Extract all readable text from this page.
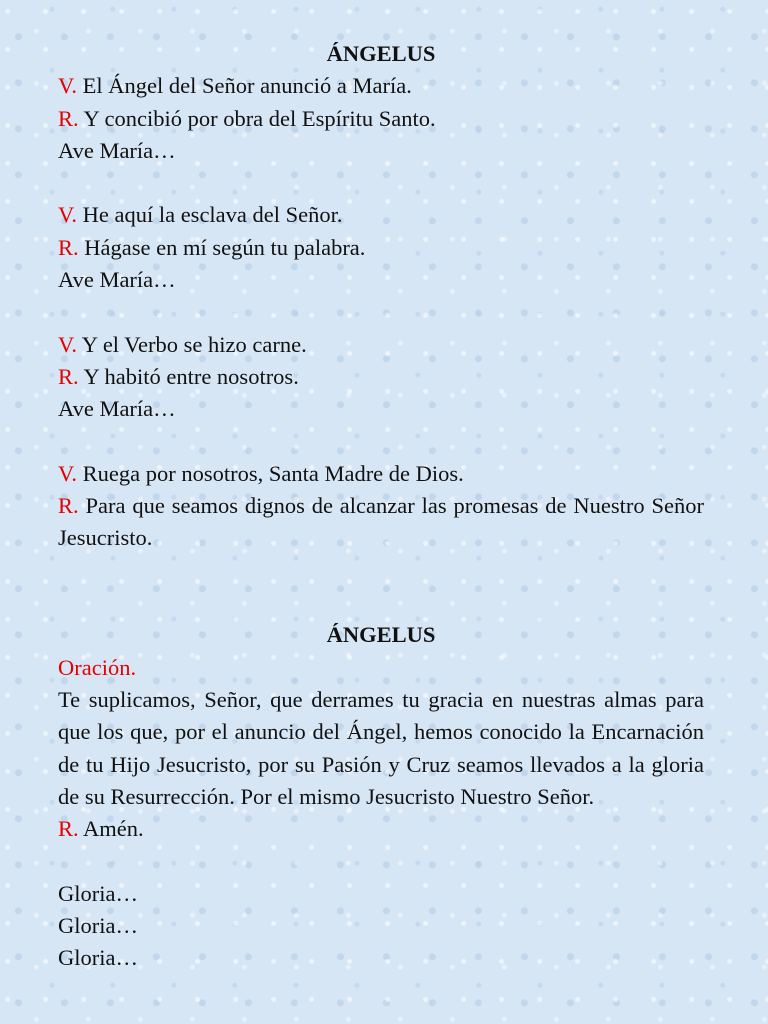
ÁNGELUS
V. El Ángel del Señor anunció a María.
R. Y concibió por obra del Espíritu Santo.
Ave María…
V. He aquí la esclava del Señor.
R. Hágase en mí según tu palabra.
Ave María…
V. Y el Verbo se hizo carne.
R. Y habitó entre nosotros.
Ave María…
V. Ruega por nosotros, Santa Madre de Dios.
R. Para que seamos dignos de alcanzar las promesas de Nuestro Señor Jesucristo.
ÁNGELUS
Oración.
Te suplicamos, Señor, que derrames tu gracia en nuestras almas para que los que, por el anuncio del Ángel, hemos conocido la Encarnación de tu Hijo Jesucristo, por su Pasión y Cruz seamos llevados a la gloria de su Resurrección. Por el mismo Jesucristo Nuestro Señor.
R. Amén.
Gloria…
Gloria…
Gloria…
